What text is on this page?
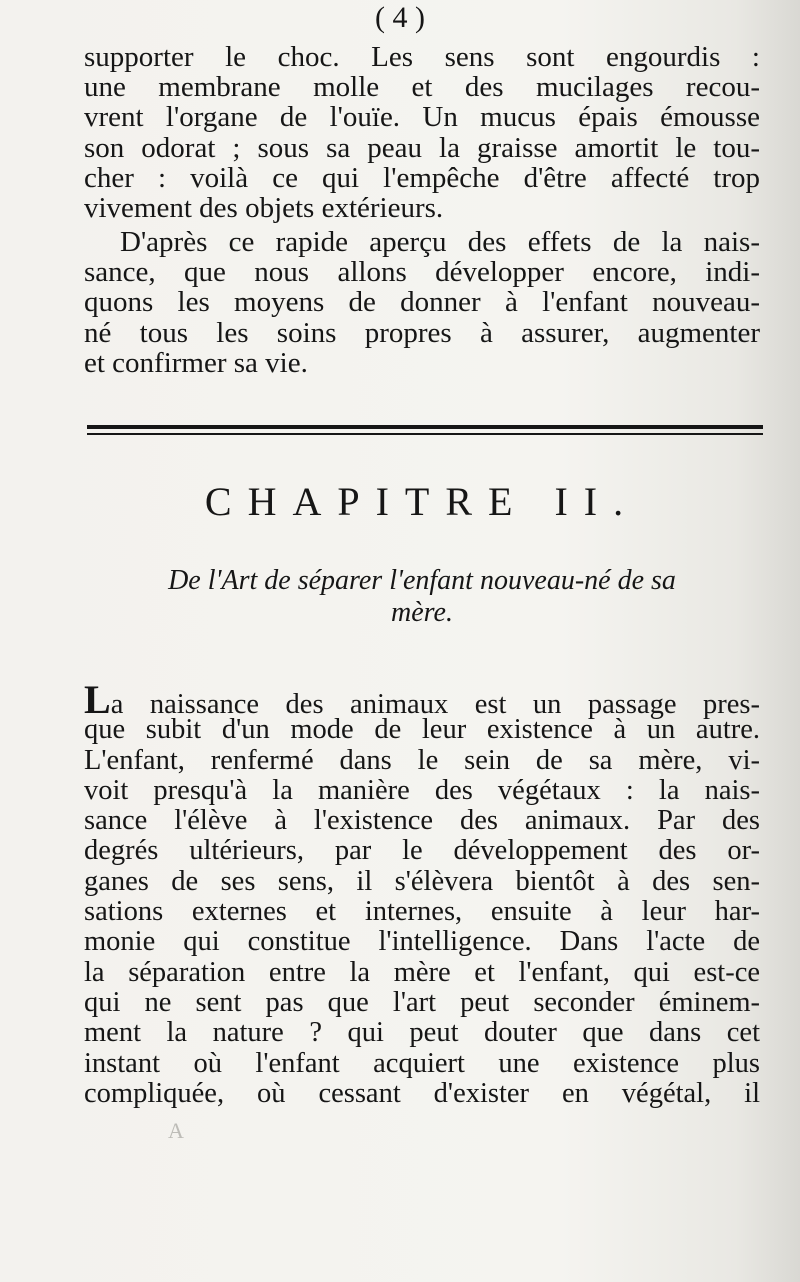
( 4 )
supporter le choc. Les sens sont engourdis :
une membrane molle et des mucilages recou-
vrent l'organe de l'ouïe. Un mucus épais émousse
son odorat ; sous sa peau la graisse amortit le tou-
cher : voilà ce qui l'empêche d'être affecté trop
vivement des objets extérieurs.
D'après ce rapide aperçu des effets de la nais-
sance, que nous allons développer encore, indi-
quons les moyens de donner à l'enfant nouveau-
né tous les soins propres à assurer, augmenter
et confirmer sa vie.
CHAPITRE II.
De l'Art de séparer l'enfant nouveau-né de sa
mère.
La naissance des animaux est un passage pres-
que subit d'un mode de leur existence à un autre.
L'enfant, renfermé dans le sein de sa mère, vi-
voit presqu'à la manière des végétaux : la nais-
sance l'élève à l'existence des animaux. Par des
degrés ultérieurs, par le développement des or-
ganes de ses sens, il s'élèvera bientôt à des sen-
sations externes et internes, ensuite à leur har-
monie qui constitue l'intelligence. Dans l'acte de
la séparation entre la mère et l'enfant, qui est-ce
qui ne sent pas que l'art peut seconder éminem-
ment la nature ? qui peut douter que dans cet
instant où l'enfant acquiert une existence plus
compliquée, où cessant d'exister en végétal, il
A
